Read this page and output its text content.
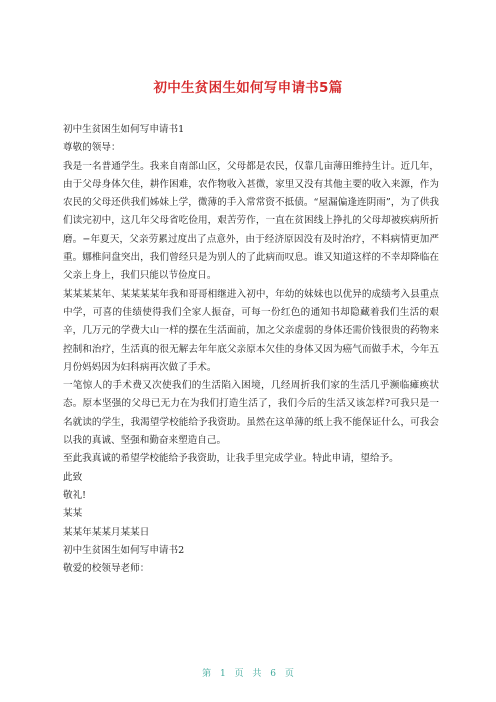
初中生贫困生如何写申请书5篇

初中生贫困生如何写申请书1

尊敬的领导：

我是一名普通学生。我来自南部山区，父母都是农民，仅靠几亩薄田维持生计。近几年，由于父母身体欠佳，耕作困难，农作物收入甚微，家里又没有其他主要的收入来源，作为农民的父母还供我们姊妹上学，微薄的手入常常资不抵债。“屋漏偏逢连阴雨”，为了供我们读完初中，这几年父母省吃俭用，艰苦劳作，一直在贫困线上挣扎的父母却被疾病所折磨。−年夏天，父亲劳累过度出了点意外，由于经济原因没有及时治疗，不料病情更加严重。娜椎问盘突出，我们曾经只是为别人的了此病而叹息。谁又知道这样的不幸却降临在父亲上身上，我们只能以节俭度日。

某某某某年、某某某某年我和哥哥相继进入初中，年幼的妹妹也以优异的成绩考入县重点中学，可喜的佳绩使得我们全家人振奋，可每一份红色的通知书却隐藏着我们生活的艰辛，几万元的学费大山一样的摆在生活面前，加之父亲虚弱的身体还需价钱很贵的药物来控制和治疗，生活真的很无解去年年底父亲原本欠佳的身体又因为癌气而做手术，今年五月份妈妈因为妇科病再次做了手术。

一笔惊人的手术费又次使我们的生活陷入困境，几经周折我们家的生活几乎濒临瘫痪状态。原本坚强的父母已无力在为我们打造生活了，我们今后的生活又该怎样?可我只是一名就读的学生，我渴望学校能给予我资助。虽然在这单薄的纸上我不能保证什么，可我会以我的真诚、坚强和勤奋来塑造自己。

至此我真诚的希望学校能给予我资助，让我手里完成学业。特此申请，望给予。

此致

敬礼!

某某

某某年某某月某某日

初中生贫困生如何写申请书2

敬爱的校领导老师：

第 1 页 共 6 页
